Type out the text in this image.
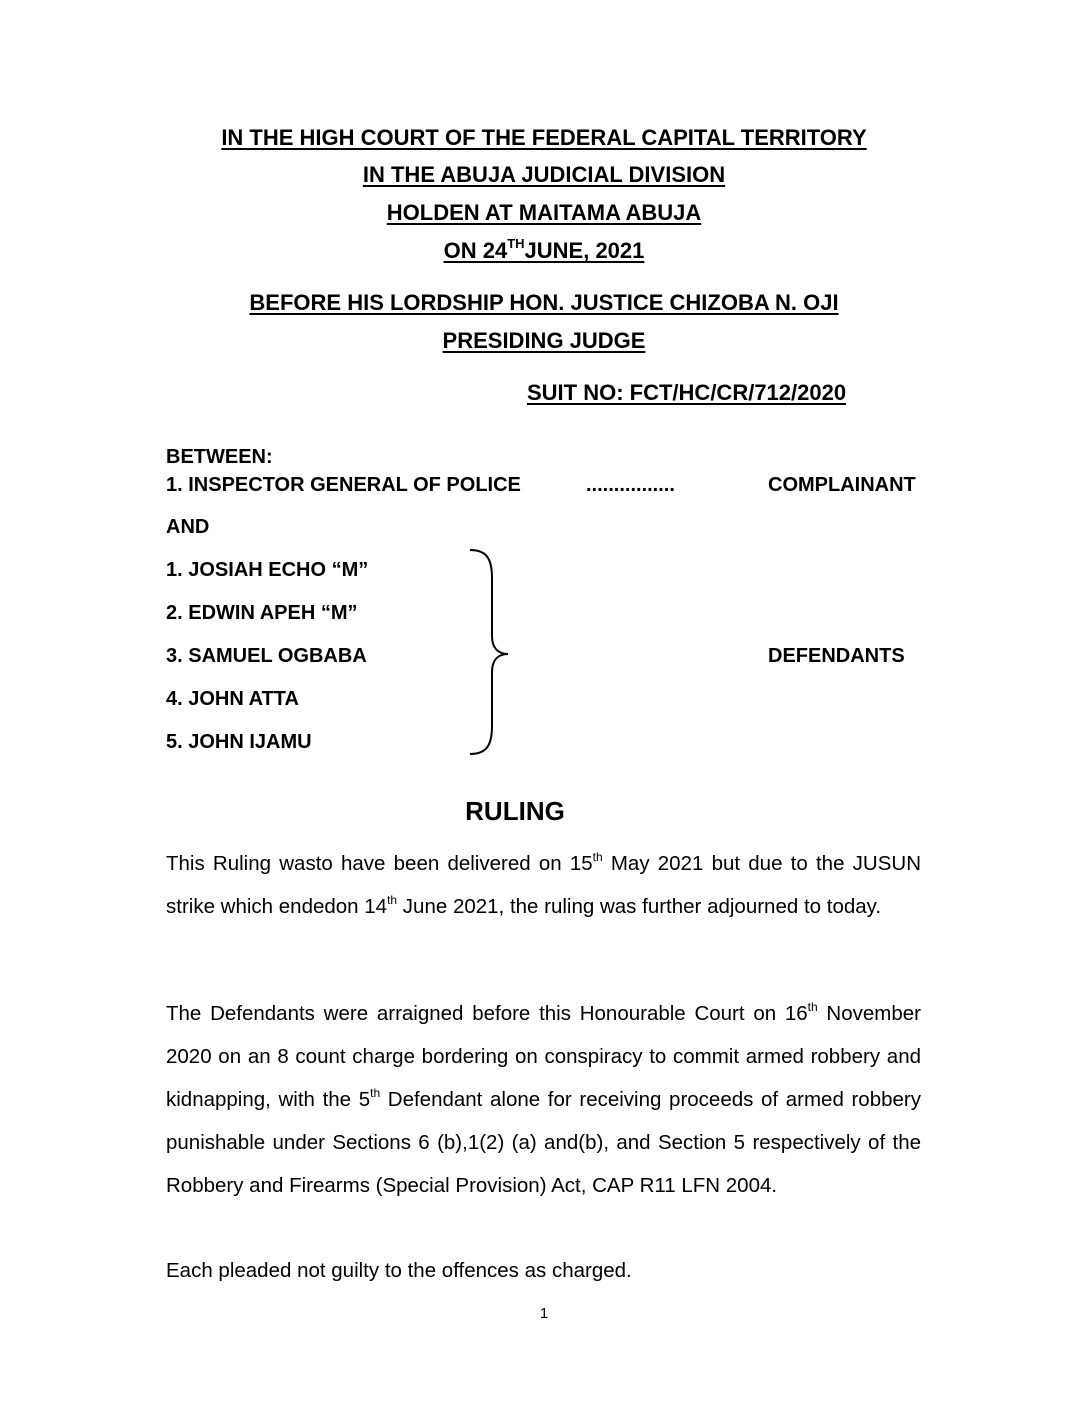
IN THE HIGH COURT OF THE FEDERAL CAPITAL TERRITORY
IN THE ABUJA JUDICIAL DIVISION
HOLDEN AT MAITAMA ABUJA
ON 24THJUNE, 2021
BEFORE HIS LORDSHIP HON. JUSTICE CHIZOBA N. OJI
PRESIDING JUDGE
SUIT NO: FCT/HC/CR/712/2020
BETWEEN:
1. INSPECTOR GENERAL OF POLICE	................	COMPLAINANT
AND
1. JOSIAH ECHO “M”
2. EDWIN APEH “M”
3. SAMUEL OGBABA
4. JOHN ATTA
5. JOHN IJAMU
DEFENDANTS
RULING
This Ruling wasto have been delivered on 15th May 2021 but due to the JUSUN strike which endedon 14th June 2021, the ruling was further adjourned to today.
The Defendants were arraigned before this Honourable Court on 16th November 2020 on an 8 count charge bordering on conspiracy to commit armed robbery and kidnapping, with the 5th Defendant alone for receiving proceeds of armed robbery punishable under Sections 6 (b),1(2) (a) and(b), and Section 5 respectively of the Robbery and Firearms (Special Provision) Act, CAP R11 LFN 2004.
Each pleaded not guilty to the offences as charged.
1
